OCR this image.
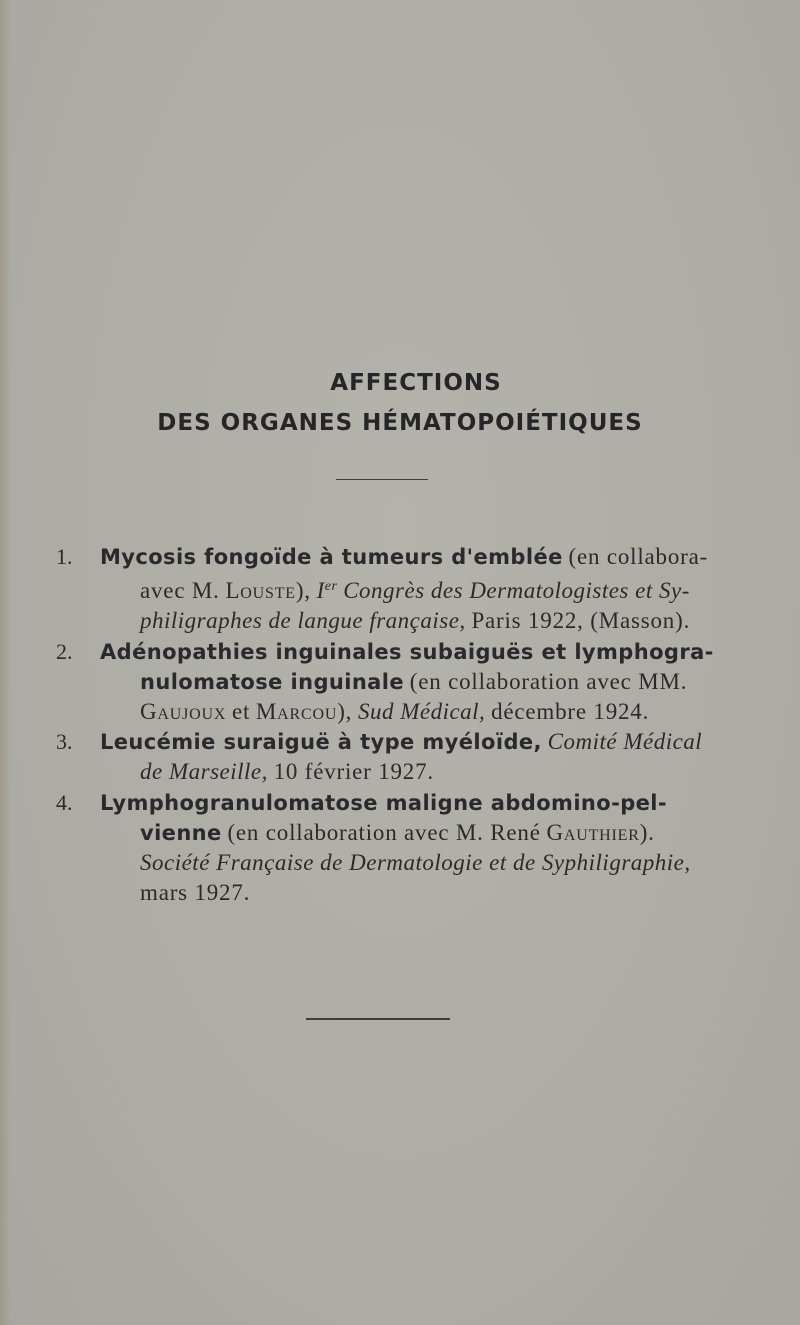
AFFECTIONS
DES ORGANES HÉMATOPOIÉTIQUES
1. Mycosis fongoïde à tumeurs d'emblée (en collabora-
avec M. Louste), Ier Congrès des Dermatologistes et Sy-
philigraphes de langue française, Paris 1922, (Masson).
2. Adénopathies inguinales subaiguës et lymphogra-
nulomatose inguinale (en collaboration avec MM.
Gaujoux et Marcou), Sud Médical, décembre 1924.
3. Leucémie suraiguë à type myéloïde, Comité Médical
de Marseille, 10 février 1927.
4. Lymphogranulomatose maligne abdomino-pel-
vienne (en collaboration avec M. René Gauthier).
Société Française de Dermatologie et de Syphiligraphie,
mars 1927.
